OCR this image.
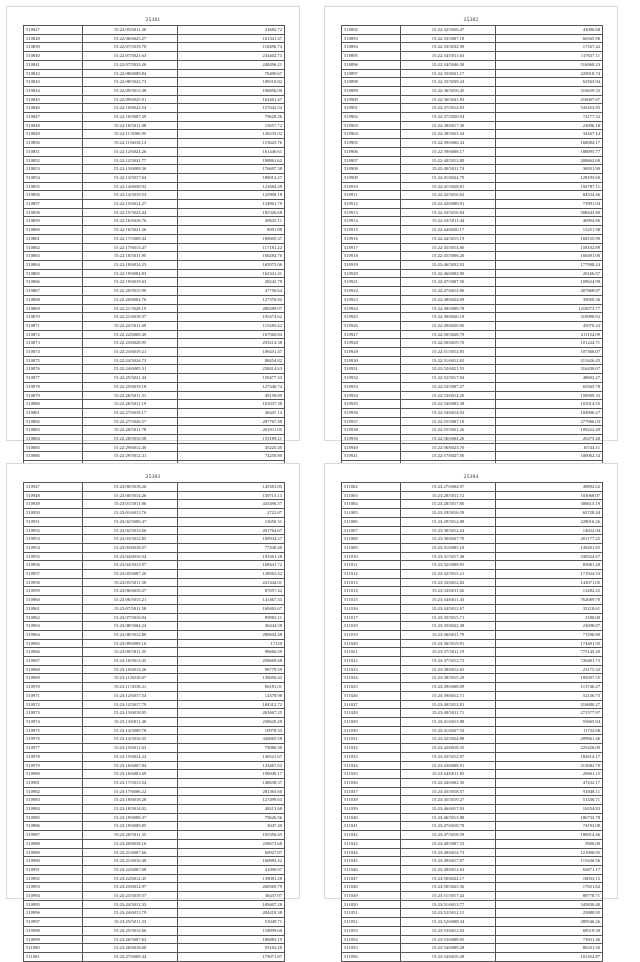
25381
510827	15:22:05/6011.30	41682.72
510828	15:22:06/6025.27	161341.47
510839	15:22:07/5019.70	118496.74
510840	15:22:07/5021.63	234402.73
510841	15:22:07/5033.26	248496.21
510842	15:22:08/6009.84	76490.67
510843	15:22:08/5022.73	108310.82
510844	15:22:09/5013.48	106856.00
510845	15:22:09/6025.91	162461.47
510846	15:22:10/6022.54	157642.54
510847	15:22:10/5007.29	79628.26
510848	15:22:10/5011.08	15657.72
510849	15:22:11/5006.95	126535.02
510850	15:22:11/6018.13	115625.76
510851	15:22:12/6024.26	161446.61
510852	15:22:12/5031.77	188861.62
510853	15:22:13/6009.36	176697.38
510854	15:22:13/5017.64	186914.27
510855	15:22:14/6030.92	121684.29
510856	15:22:14/5019.53	125908.18
510857	15:22:15/6014.27	134961.79
510858	15:22:15/5023.44	185326.68
510859	15:22:16/6016.76	49625.11
510860	15:22:16/5021.26	8091.88
510861	15:22:17/5009.42	180605.37
510862	15:22:17/6013.47	117181.22
510863	15:22:18/5011.95	160284.70
510864	15:22:18/6014.23	165975.06
510865	15:22:19/6004.83	162341.41
510866	15:22:19/6019.63	28242.79
510867	15:22:20/5015.90	47756.64
510868	15:22:20/6004.76	127376.92
510869	15:22:21/5028.19	280289.97
510870	15:22:21/6018.37	195474.62
510871	15:22:22/5011.69	115283.42
510872	15:22:22/6008.49	167560.84
510873	15:22:23/6028.95	235214.38
510874	15:22:23/6019.21	109431.47
510875	15:22:24/5024.73	88454.82
510876	15:22:24/6005.31	238414.63
510877	15:22:25/5021.44	150477.33
510878	15:22:25/6019.18	127346.74
510879	15:22:26/5011.51	49158.89
510880	15:22:26/5011.19	101037.38
510881	15:22:27/6018.17	36447.14
510882	15:22:27/5026.57	287767.48
510883	15:22:28/5011.78	261911.05
510884	15:22:28/5016.58	155189.21
510885	15:22:29/6012.40	45225.40
510886	15:22:29/5012.41	74250.80

25382
510892	15:22:32/5026.47	43096.68
510893	15:22:33/5007.18	66565.96
510894	15:22:33/5032.90	17167.42
510895	15:22:34/5011.63	117637.11
510896	15:22:34/5046.38	516968.23
510897	15:22:35/6021.17	220918.74
510898	15:22:35/5039.24	62563.94
510899	15:22:36/5016.45	316659.33
510900	15:22:36/5041.83	216067.67
510901	15:22:37/5014.83	543453.95
510902	15:22:37/5020.94	74177.32
510903	15:22:38/6017.30	23096.18
510904	15:22:38/5023.34	34467.14
510905	15:22:39/6006.34	168084.17
510906	15:22:39/6008.17	188095.77
510907	15:22:40/5012.80	208662.69
510908	15:22:40/5011.74	36931.90
510909	15:22:41/6024.79	128193.60
510910	15:22:41/5028.81	194787.11
510911	15:22:42/5016.62	84534.46
510912	15:22:42/6006.91	73991.94
510913	15:22:43/5016.84	508443.80
510914	15:22:43/5011.44	46904.86
510915	15:22:44/6020.17	15251.98
510916	15:22:44/5015.19	168155.99
510917	15:22:45/5014.80	158102.89
510918	15:22:45/5006.20	166491.06
510919	15:22:46/5032.92	177908.24
510920	15:22:46/6002.90	20166.97
510921	15:22:47/5007.50	109624.99
510922	15:22:47/6014.86	407868.87
510923	15:22:48/6024.09	39050.36
510924	15:22:48/5008.78	1218573.77
510925	15:22:49/6020.18	319098.82
510926	15:22:49/6020.90	45070.23
510927	15:22:50/5028.79	211154.09
510928	15:22:50/6019.70	101224.71
510929	15:22:51/5014.85	107366.07
510930	15:22:51/6012.65	215426.45
510931	15:22:52/6021.55	316430.07
510932	15:22:52/5017.84	48602.27
510933	15:22:53/5007.27	65565.78
510934	15:22:53/6014.20	158909.33
510935	15:22:54/6003.38	101014.55
510936	15:22:54/6014.92	104906.27
510937	15:22:55/5007.18	277966.03
510938	15:22:55/5021.26	109222.49
510939	15:22:56/6004.26	20275.48
510940	15:22:56/6023.70	16744.11
510941	15:22:57/6027.56	100062.34

25383
510947	15:23:00/5018.26	145381.85
510948	15:23:00/5014.26	150713.13
510949	15:23:01/5011.86	435496.57
510950	15:23:01/6013.76	2722.87
510951	15:23:02/5000.47	13650.31
510952	15:23:02/5013.66	201764.67
510953	15:23:03/5012.85	169934.27
510954	15:23:03/6018.57	77430.40
510955	15:23:04/6016.54	193361.28
510956	15:23:04/5013.97	168441.72
510957	15:23:05/6007.20	128563.42
510958	15:23:05/5011.50	241344.01
510959	15:23:06/6010.27	87057.42
510960	15:23:06/5015.21	141467.33
510961	15:23:07/5011.58	169465.67
510962	15:23:07/5016.94	89902.11
510963	15:23:08/5004.24	36444.58
510964	15:23:08/5012.80	280604.48
510965	15:23:09/6009.16	17120
510966	15:23:09/5011.35	96666.59
510967	15:23:10/5013.45	258669.68
510968	15:23:10/6013.26	96779.59
510969	15:23:11/6010.67	139056.43
510970	15:23:11/5018.21	96181.01
510971	15:23:12/6017.54	12478.98
510972	15:23:12/5017.79	184312.72
510973	15:23:13/6018.05	263467.25
510974	15:23:13/6011.40	230620.29
510975	15:23:14/5009.78	10978.33
510976	15:23:14/5016.55	340665.58
510977	15:23:15/6011.63	79086.30
510978	15:23:15/6014.22	136521.67
510979	15:23:16/6007.84	123467.63
510980	15:23:16/6003.69	190049.17
510981	15:23:17/5013.54	148638.37
510982	15:23:17/6006.22	281365.60
510983	15:23:18/6018.28	127499.63
510984	15:23:18/5014.02	48213.68
510985	15:23:19/6009.37	79626.56
510986	15:23:19/6009.85	3047.40
510987	15:23:20/5011.35	105356.45
510988	15:23:20/6018.16	230673.68
510989	15:23:21/6007.66	60927.87
510990	15:23:21/6010.48	160883.42
510991	15:23:22/6007.08	41096.07
510992	15:23:22/6012.45	139081.28
510993	15:23:23/6012.97	260569.79
510994	15:23:23/5019.57	36437.07
510995	15:23:24/5012.33	109407.28
510996	15:23:24/6013.79	284418.38
510997	15:23:25/5011.53	51049.71
510998	15:23:25/5012.66	118099.60
510999	15:23:26/5007.62	186883.19
511000	15:23:26/6018.60	93163.28
511001	15:23:27/6009.44	175071.87
25384
511002	15:23:27/6004.97	49892.62
511003	15:23:28/5011.72	103068.07
511004	15:23:28/5017.80	306615.19
511005	15:23:29/5016.59	65728.44
511006	15:23:29/5012.88	228016.26
511007	15:23:30/5012.24	14822.94
511008	15:23:30/6027.70	201177.25
511009	15:23:31/6005.18	149201.65
511010	15:23:31/5017.48	338324.67
511011	15:23:32/5008.95	83681.28
511012	15:23:32/5015.21	171924.53
511013	15:23:33/6012.82	143071.05
511014	15:23:33/6011.02	13482.25
511015	15:23:34/6011.43	762689.70
511016	15:23:34/5012.67	35218.61
511017	15:23:35/5015.71	2180.00
511018	15:23:35/6022.38	23698.87
511019	15:23:36/6011.79	71596.80
511020	15:23:36/5019.81	174491.95
511021	15:23:37/5011.19	775145.20
511022	15:23:37/5012.73	726401.73
511023	15:23:38/6012.65	23175.32
511024	15:23:38/5015.29	195097.55
511025	15:23:39/6008.09	113746.27
511026	15:23:39/6012.71	52136.73
511027	15:23:40/5012.81	216880.27
511028	15:23:40/5011.71	271577.97
511029	15:23:41/6013.88	55665.94
511030	15:23:41/6027.33	11732.68
511031	15:23:42/5024.88	209961.46
511032	15:23:42/6018.35	225426.09
511033	15:23:43/5012.07	182614.17
511034	15:23:43/6008.91	313082.70
511035	15:23:44/6011.85	20661.15
511036	15:23:44/6002.30	47432.17
511037	15:23:45/5018.57	91848.11
511038	15:23:45/5019.27	51436.71
511039	15:23:46/6017.03	16254.83
511040	15:23:46/5013.88	186733.78
511041	15:23:47/6018.78	74193.08
511042	15:23:47/5018.59	186914.46
511043	15:23:48/5007.23	5906.00
511044	15:23:48/6014.73	121696.95
511045	15:23:49/6017.07	115436.56
511046	15:23:49/6012.63	65871.17
511047	15:23:50/6024.17	18033.15
511048	15:23:50/5025.56	17651.62
511049	15:23:51/5017.42	80778.71
511050	15:23:51/6013.77	345830.40
511051	15:23:52/5012.15	23880.95
511052	15:23:52/6008.34	289546.26
511053	15:23:53/6012.92	68519.39
511054	15:23:53/6008.05	73831.46
511055	15:23:54/6009.28	86331.50
511056	15:23:54/6010.28	101452.87
